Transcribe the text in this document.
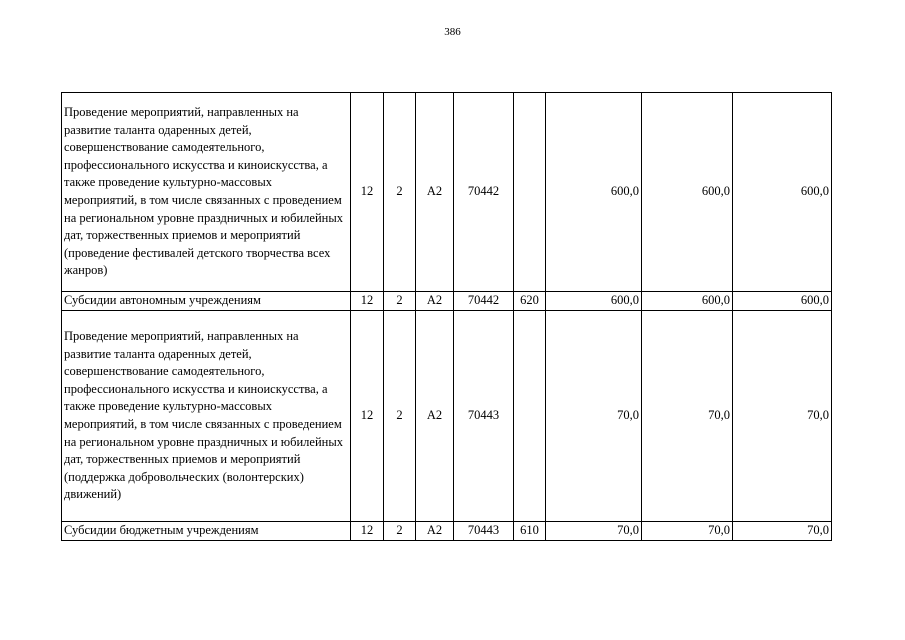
386
Проведение мероприятий, направленных на развитие таланта одаренных детей, совершенствование самодеятельного, профессионального искусства и киноискусства, а также проведение культурно-массовых мероприятий, в том числе связанных с проведением на региональном уровне праздничных и юбилейных дат, торжественных приемов и мероприятий (проведение фестивалей детского творчества всех жанров)	12	2	А2	70442		600,0	600,0	600,0
Субсидии автономным учреждениям	12	2	А2	70442	620	600,0	600,0	600,0
Проведение мероприятий, направленных на развитие таланта одаренных детей, совершенствование самодеятельного, профессионального искусства и киноискусства, а также проведение культурно-массовых мероприятий, в том числе связанных с проведением на региональном уровне праздничных и юбилейных дат, торжественных приемов и мероприятий (поддержка добровольческих (волонтерских) движений)	12	2	А2	70443		70,0	70,0	70,0
Субсидии бюджетным учреждениям	12	2	А2	70443	610	70,0	70,0	70,0
